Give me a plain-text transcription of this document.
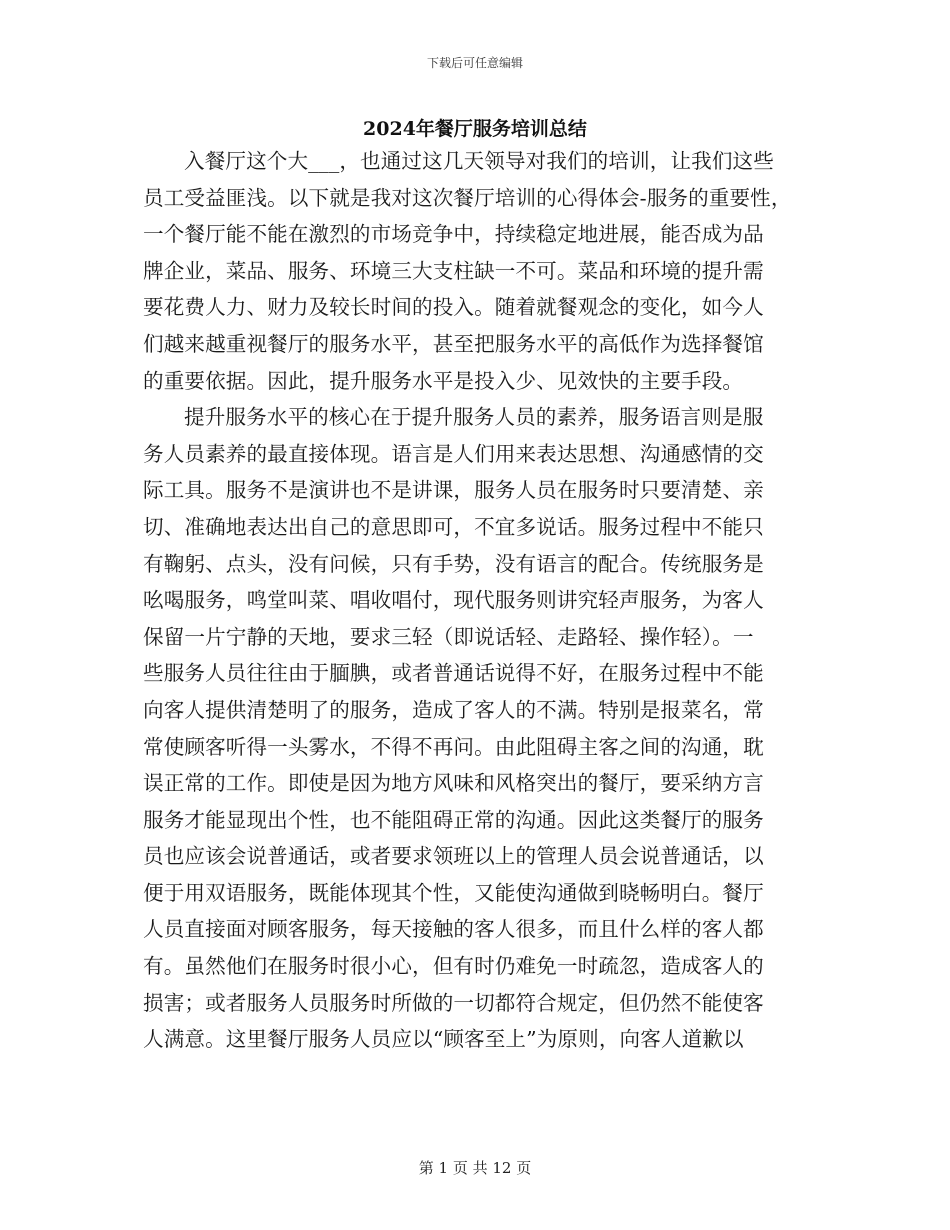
下载后可任意编辑
2024年餐厅服务培训总结
入餐厅这个大___，也通过这几天领导对我们的培训，让我们这些
员工受益匪浅。以下就是我对这次餐厅培训的心得体会-服务的重要性，
一个餐厅能不能在激烈的市场竞争中，持续稳定地进展，能否成为品
牌企业，菜品、服务、环境三大支柱缺一不可。菜品和环境的提升需
要花费人力、财力及较长时间的投入。随着就餐观念的变化，如今人
们越来越重视餐厅的服务水平，甚至把服务水平的高低作为选择餐馆
的重要依据。因此，提升服务水平是投入少、见效快的主要手段。
提升服务水平的核心在于提升服务人员的素养，服务语言则是服
务人员素养的最直接体现。语言是人们用来表达思想、沟通感情的交
际工具。服务不是演讲也不是讲课，服务人员在服务时只要清楚、亲
切、准确地表达出自己的意思即可，不宜多说话。服务过程中不能只
有鞠躬、点头，没有问候，只有手势，没有语言的配合。传统服务是
吆喝服务，鸣堂叫菜、唱收唱付，现代服务则讲究轻声服务，为客人
保留一片宁静的天地，要求三轻（即说话轻、走路轻、操作轻）。一
些服务人员往往由于腼腆，或者普通话说得不好，在服务过程中不能
向客人提供清楚明了的服务，造成了客人的不满。特别是报菜名，常
常使顾客听得一头雾水，不得不再问。由此阻碍主客之间的沟通，耽
误正常的工作。即使是因为地方风味和风格突出的餐厅，要采纳方言
服务才能显现出个性，也不能阻碍正常的沟通。因此这类餐厅的服务
员也应该会说普通话，或者要求领班以上的管理人员会说普通话，以
便于用双语服务，既能体现其个性，又能使沟通做到晓畅明白。餐厅
人员直接面对顾客服务，每天接触的客人很多，而且什么样的客人都
有。虽然他们在服务时很小心，但有时仍难免一时疏忽，造成客人的
损害；或者服务人员服务时所做的一切都符合规定，但仍然不能使客
人满意。这里餐厅服务人员应以“顾客至上”为原则，向客人道歉以
第 1 页 共 12 页
